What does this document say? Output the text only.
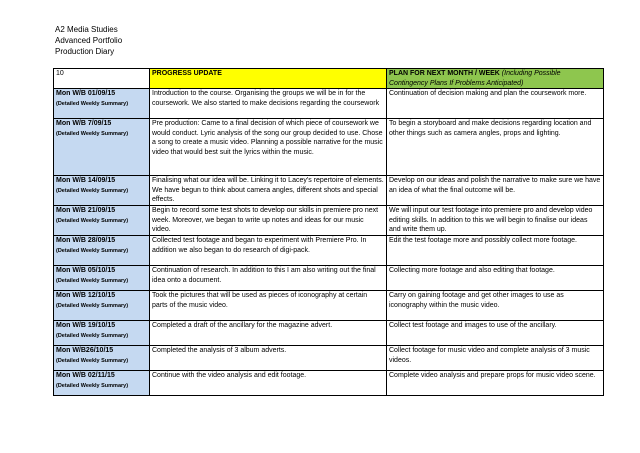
A2 Media Studies
Advanced Portfolio
Production Diary
10	PROGRESS UPDATE	PLAN FOR NEXT MONTH / WEEK (Including Possible Contingency Plans If Problems Anticipated)
Mon W/B 01/09/15
(Detailed Weekly Summary)	Introduction to the course. Organising the groups we will be in for the coursework. We also started to make decisions regarding the coursework	Continuation of decision making and plan the coursework more.
Mon W/B 7/09/15
(Detailed Weekly Summary)	Pre production: Came to a final decision of which piece of coursework we would conduct. Lyric analysis of the song our group decided to use. Chose a song to create a music video. Planning a possible narrative for the music video that would best suit the lyrics within the music.	To begin a storyboard and make decisions regarding location and other things such as camera angles, props and lighting.
Mon W/B 14/09/15
(Detailed Weekly Summary)	Finalising what our idea will be. Linking it to Lacey's repertoire of elements. We have begun to think about camera angles, different shots and special effects.	Develop on our ideas and polish the narrative to make sure we have an idea of what the final outcome will be.
Mon W/B 21/09/15
(Detailed Weekly Summary)	Begin to record some test shots to develop our skills in premiere pro next week. Moreover, we began to write up notes and ideas for our music video.	We will input our test footage into premiere pro and develop video editing skills. In addition to this we will begin to finalise our ideas and write them up.
Mon W/B 28/09/15
(Detailed Weekly Summary)	Collected test footage and began to experiment with Premiere Pro. In addition we also began to do research of digi-pack.	Edit the test footage more and possibly collect more footage.
Mon W/B 05/10/15
(Detailed Weekly Summary)	Continuation of research. In addition to this I am also writing out the final idea onto a document.	Collecting more footage and also editing that footage.
Mon W/B 12/10/15
(Detailed Weekly Summary)	Took the pictures that will be used as pieces of iconography at certain parts of the music video.	Carry on gaining footage and get other images to use as iconography within the music video.
Mon W/B 19/10/15
(Detailed Weekly Summary)	Completed a draft of the ancillary for the magazine advert.	Collect test footage and images to use of the ancillary.
Mon W/B26/10/15
(Detailed Weekly Summary)	Completed the analysis of 3 album adverts.	Collect footage for music video and complete analysis of 3 music videos.
Mon W/B 02/11/15
(Detailed Weekly Summary)	Continue with the video analysis and edit footage.	Complete video analysis and prepare props for music video scene.
